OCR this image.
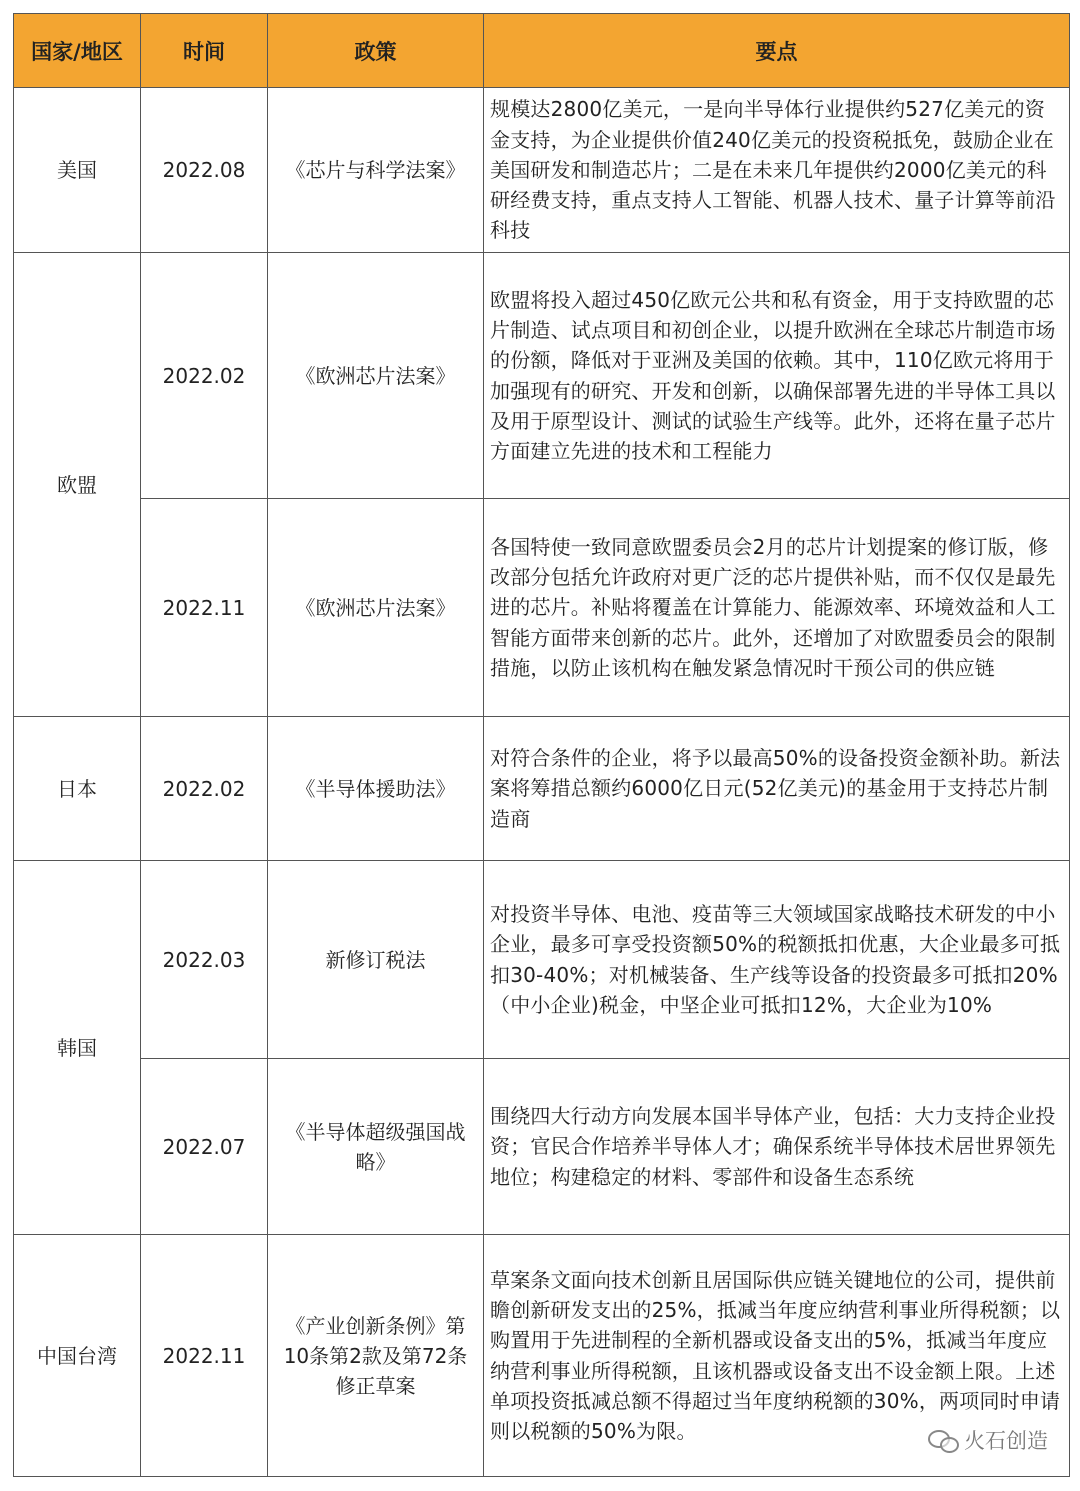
国家/地区	时间	政策	要点
美国	2022.08	《芯片与科学法案》	规模达2800亿美元，一是向半导体行业提供约527亿美元的资金支持，为企业提供价值240亿美元的投资税抵免，鼓励企业在美国研发和制造芯片；二是在未来几年提供约2000亿美元的科研经费支持，重点支持人工智能、机器人技术、量子计算等前沿科技
欧盟	2022.02	《欧洲芯片法案》	欧盟将投入超过450亿欧元公共和私有资金，用于支持欧盟的芯片制造、试点项目和初创企业，以提升欧洲在全球芯片制造市场的份额，降低对于亚洲及美国的依赖。其中，110亿欧元将用于加强现有的研究、开发和创新，以确保部署先进的半导体工具以及用于原型设计、测试的试验生产线等。此外，还将在量子芯片方面建立先进的技术和工程能力
	2022.11	《欧洲芯片法案》	各国特使一致同意欧盟委员会2月的芯片计划提案的修订版，修改部分包括允许政府对更广泛的芯片提供补贴，而不仅仅是最先进的芯片。补贴将覆盖在计算能力、能源效率、环境效益和人工智能方面带来创新的芯片。此外，还增加了对欧盟委员会的限制措施，以防止该机构在触发紧急情况时干预公司的供应链
日本	2022.02	《半导体援助法》	对符合条件的企业，将予以最高50%的设备投资金额补助。新法案将筹措总额约6000亿日元(52亿美元)的基金用于支持芯片制造商
韩国	2022.03	新修订税法	对投资半导体、电池、疫苗等三大领域国家战略技术研发的中小企业，最多可享受投资额50%的税额抵扣优惠，大企业最多可抵扣30-40%；对机械装备、生产线等设备的投资最多可抵扣20%（中小企业)税金，中坚企业可抵扣12%，大企业为10%
	2022.07	《半导体超级强国战略》	围绕四大行动方向发展本国半导体产业，包括：大力支持企业投资；官民合作培养半导体人才；确保系统半导体技术居世界领先地位；构建稳定的材料、零部件和设备生态系统
中国台湾	2022.11	《产业创新条例》第10条第2款及第72条修正草案	草案条文面向技术创新且居国际供应链关键地位的公司，提供前瞻创新研发支出的25%，抵减当年度应纳营利事业所得税额；以购置用于先进制程的全新机器或设备支出的5%，抵减当年度应纳营利事业所得税额，且该机器或设备支出不设金额上限。上述单项投资抵减总额不得超过当年度纳税额的30%，两项同时申请则以税额的50%为限。	火石创造
